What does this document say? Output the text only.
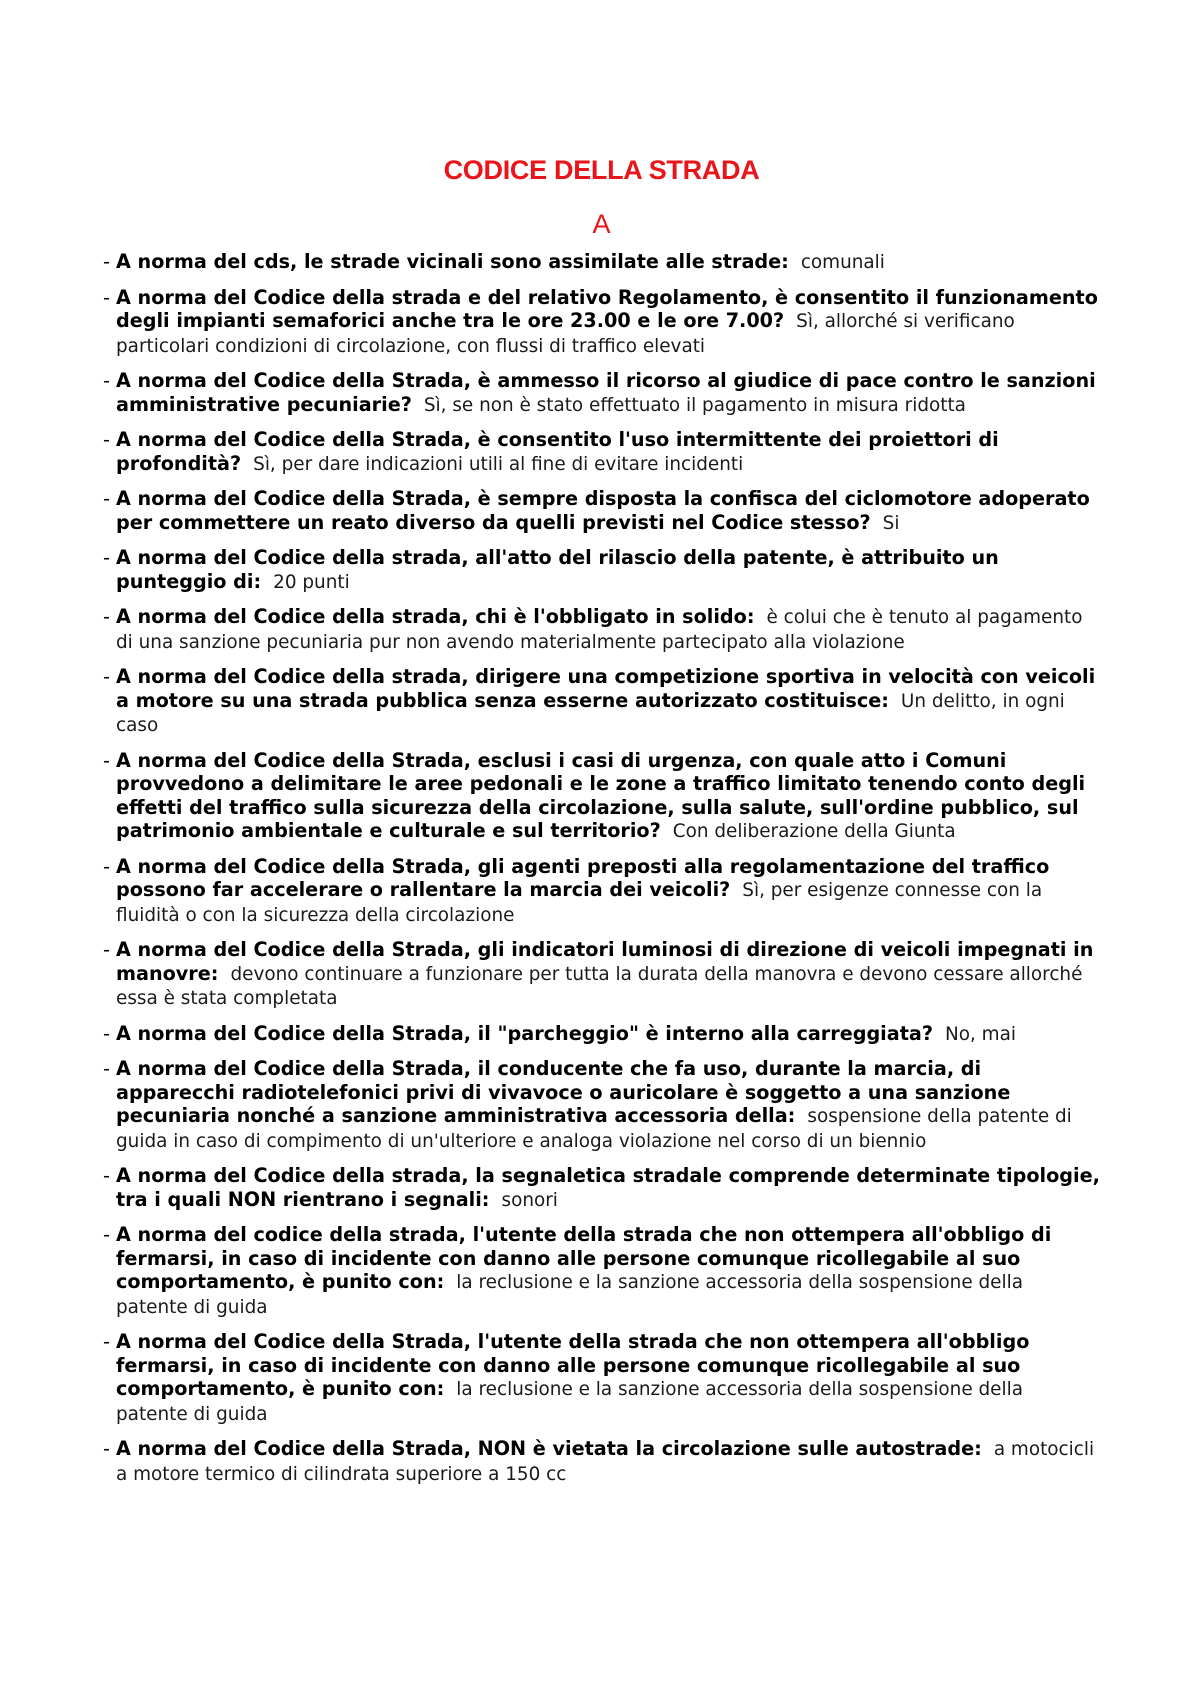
CODICE DELLA STRADA
A
- A norma del cds, le strade vicinali sono assimilate alle strade: comunali
- A norma del Codice della strada e del relativo Regolamento, è consentito il funzionamento degli impianti semaforici anche tra le ore 23.00 e le ore 7.00? Sì, allorché si verificano particolari condizioni di circolazione, con flussi di traffico elevati
- A norma del Codice della Strada, è ammesso il ricorso al giudice di pace contro le sanzioni amministrative pecuniarie? Sì, se non è stato effettuato il pagamento in misura ridotta
- A norma del Codice della Strada, è consentito l'uso intermittente dei proiettori di profondità? Sì, per dare indicazioni utili al fine di evitare incidenti
- A norma del Codice della Strada, è sempre disposta la confisca del ciclomotore adoperato per commettere un reato diverso da quelli previsti nel Codice stesso? Si
- A norma del Codice della strada, all'atto del rilascio della patente, è attribuito un punteggio di: 20 punti
- A norma del Codice della strada, chi è l'obbligato in solido: è colui che è tenuto al pagamento di una sanzione pecuniaria pur non avendo materialmente partecipato alla violazione
- A norma del Codice della strada, dirigere una competizione sportiva in velocità con veicoli a motore su una strada pubblica senza esserne autorizzato costituisce: Un delitto, in ogni caso
- A norma del Codice della Strada, esclusi i casi di urgenza, con quale atto i Comuni provvedono a delimitare le aree pedonali e le zone a traffico limitato tenendo conto degli effetti del traffico sulla sicurezza della circolazione, sulla salute, sull'ordine pubblico, sul patrimonio ambientale e culturale e sul territorio? Con deliberazione della Giunta
- A norma del Codice della Strada, gli agenti preposti alla regolamentazione del traffico possono far accelerare o rallentare la marcia dei veicoli? Sì, per esigenze connesse con la fluidità o con la sicurezza della circolazione
- A norma del Codice della Strada, gli indicatori luminosi di direzione di veicoli impegnati in manovre: devono continuare a funzionare per tutta la durata della manovra e devono cessare allorché essa è stata completata
- A norma del Codice della Strada, il "parcheggio" è interno alla carreggiata? No, mai
- A norma del Codice della Strada, il conducente che fa uso, durante la marcia, di apparecchi radiotelefonici privi di vivavoce o auricolare è soggetto a una sanzione pecuniaria nonché a sanzione amministrativa accessoria della: sospensione della patente di guida in caso di compimento di un'ulteriore e analoga violazione nel corso di un biennio
- A norma del Codice della strada, la segnaletica stradale comprende determinate tipologie, tra i quali NON rientrano i segnali: sonori
- A norma del codice della strada, l'utente della strada che non ottempera all'obbligo di fermarsi, in caso di incidente con danno alle persone comunque ricollegabile al suo comportamento, è punito con: la reclusione e la sanzione accessoria della sospensione della patente di guida
- A norma del Codice della Strada, l'utente della strada che non ottempera all'obbligo fermarsi, in caso di incidente con danno alle persone comunque ricollegabile al suo comportamento, è punito con: la reclusione e la sanzione accessoria della sospensione della patente di guida
- A norma del Codice della Strada, NON è vietata la circolazione sulle autostrade: a motocicli a motore termico di cilindrata superiore a 150 cc
